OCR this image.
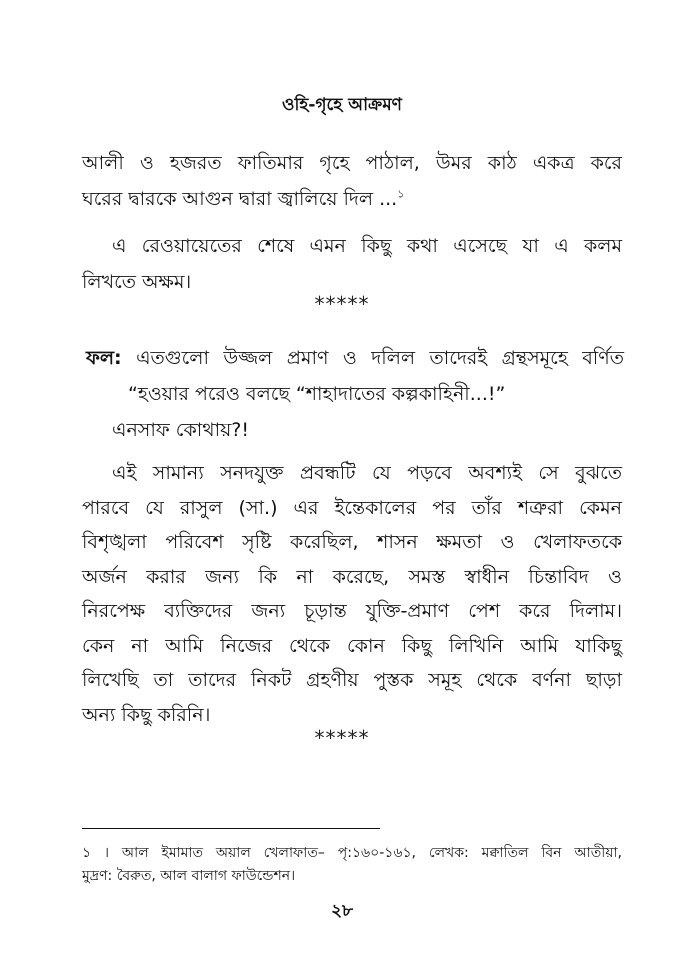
ওহি-গৃহে আক্রমণ
আলী ও হজরত ফাতিমার গৃহে পাঠাল, উমর কাঠ একত্র করে
ঘরের দ্বারকে আগুন দ্বারা জ্বালিয়ে দিল ...$^১$
এ রেওয়ায়েতের শেষে এমন কিছু কথা এসেছে যা এ কলম
লিখতে অক্ষম।
*****
ফল: এতগুলো উজ্জল প্রমাণ ও দলিল তাদেরই গ্রন্থসমূহে বর্ণিত
“হওয়ার পরেও বলছে “শাহাদাতের কল্পকাহিনী...!”
এনসাফ কোথায়?!
এই সামান্য সনদযুক্ত প্রবন্ধটি যে পড়বে অবশ্যই সে বুঝতে
পারবে যে রাসুল (সা.) এর ইন্তেকালের পর তাঁর শত্রুরা কেমন
বিশৃঙ্খলা পরিবেশ সৃষ্টি করেছিল, শাসন ক্ষমতা ও খেলাফতকে
অর্জন করার জন্য কি না করেছে, সমস্ত স্বাধীন চিন্তাবিদ ও
নিরপেক্ষ ব্যক্তিদের জন্য চূড়ান্ত যুক্তি-প্রমাণ পেশ করে দিলাম।
কেন না আমি নিজের থেকে কোন কিছু লিখিনি আমি যাকিছু
লিখেছি তা তাদের নিকট গ্রহণীয় পুস্তক সমূহ থেকে বর্ণনা ছাড়া
অন্য কিছু করিনি।
*****
১ । আল ইমামাত অয়াল খেলাফাত– পৃ:১৬০-১৬১, লেখক: মক্বাতিল বিন আতীয়া,
মুদ্রণ: বৈরুত, আল বালাগ ফাউন্ডেশন।
২৮
